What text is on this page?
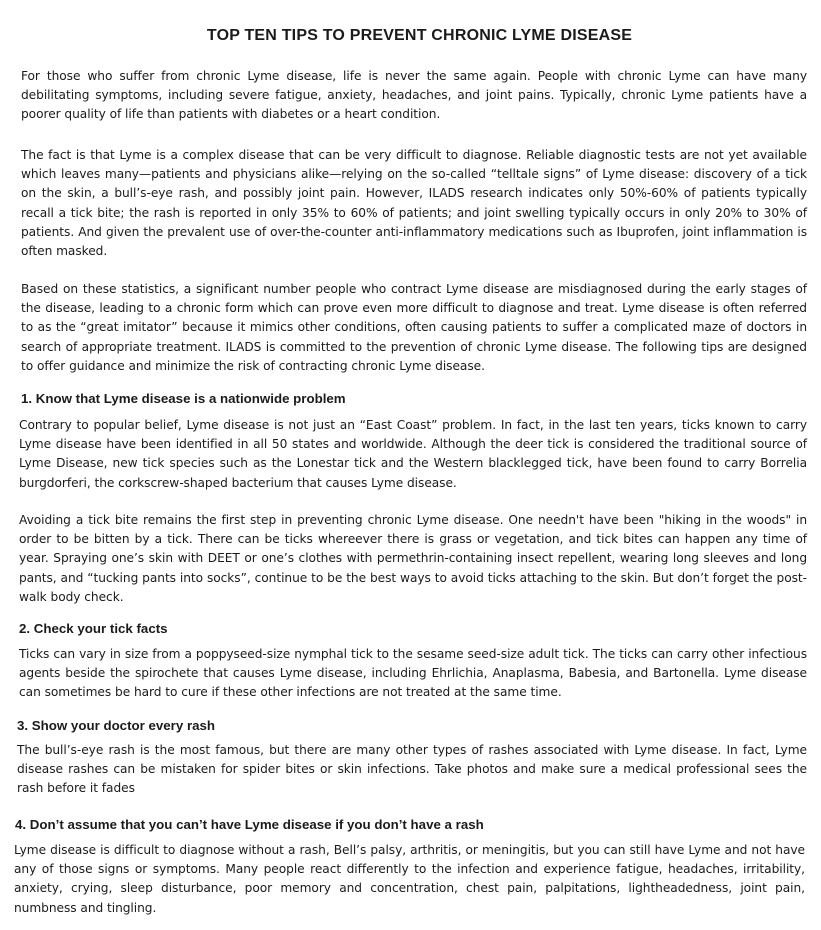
TOP TEN TIPS TO PREVENT CHRONIC LYME DISEASE

For those who suffer from chronic Lyme disease, life is never the same again. People with chronic Lyme can have many debilitating symptoms, including severe fatigue, anxiety, headaches, and joint pains. Typically, chronic Lyme patients have a poorer quality of life than patients with diabetes or a heart condition.

The fact is that Lyme is a complex disease that can be very difficult to diagnose. Reliable diagnostic tests are not yet available which leaves many—patients and physicians alike—relying on the so-called “telltale signs” of Lyme disease: discovery of a tick on the skin, a bull’s-eye rash, and possibly joint pain. However, ILADS research indicates only 50%-60% of patients typically recall a tick bite; the rash is reported in only 35% to 60% of patients; and joint swelling typically occurs in only 20% to 30% of patients. And given the prevalent use of over-the-counter anti-inflammatory medications such as Ibuprofen, joint inflammation is often masked.

Based on these statistics, a significant number people who contract Lyme disease are misdiagnosed during the early stages of the disease, leading to a chronic form which can prove even more difficult to diagnose and treat. Lyme disease is often referred to as the “great imitator” because it mimics other conditions, often causing patients to suffer a complicated maze of doctors in search of appropriate treatment. ILADS is committed to the prevention of chronic Lyme disease. The following tips are designed to offer guidance and minimize the risk of contracting chronic Lyme disease.

1. Know that Lyme disease is a nationwide problem

Contrary to popular belief, Lyme disease is not just an “East Coast” problem. In fact, in the last ten years, ticks known to carry Lyme disease have been identified in all 50 states and worldwide. Although the deer tick is considered the traditional source of Lyme Disease, new tick species such as the Lonestar tick and the Western blacklegged tick, have been found to carry Borrelia burgdorferi, the corkscrew-shaped bacterium that causes Lyme disease.

Avoiding a tick bite remains the first step in preventing chronic Lyme disease. One needn't have been "hiking in the woods" in order to be bitten by a tick. There can be ticks whereever there is grass or vegetation, and tick bites can happen any time of year. Spraying one’s skin with DEET or one’s clothes with permethrin-containing insect repellent, wearing long sleeves and long pants, and “tucking pants into socks”, continue to be the best ways to avoid ticks attaching to the skin. But don’t forget the post-walk body check.

2. Check your tick facts

Ticks can vary in size from a poppyseed-size nymphal tick to the sesame seed-size adult tick. The ticks can carry other infectious agents beside the spirochete that causes Lyme disease, including Ehrlichia, Anaplasma, Babesia, and Bartonella. Lyme disease can sometimes be hard to cure if these other infections are not treated at the same time.

3. Show your doctor every rash

The bull’s-eye rash is the most famous, but there are many other types of rashes associated with Lyme disease. In fact, Lyme disease rashes can be mistaken for spider bites or skin infections. Take photos and make sure a medical professional sees the rash before it fades

4. Don’t assume that you can’t have Lyme disease if you don’t have a rash

Lyme disease is difficult to diagnose without a rash, Bell’s palsy, arthritis, or meningitis, but you can still have Lyme and not have any of those signs or symptoms. Many people react differently to the infection and experience fatigue, headaches, irritability, anxiety, crying, sleep disturbance, poor memory and concentration, chest pain, palpitations, lightheadedness, joint pain, numbness and tingling.
